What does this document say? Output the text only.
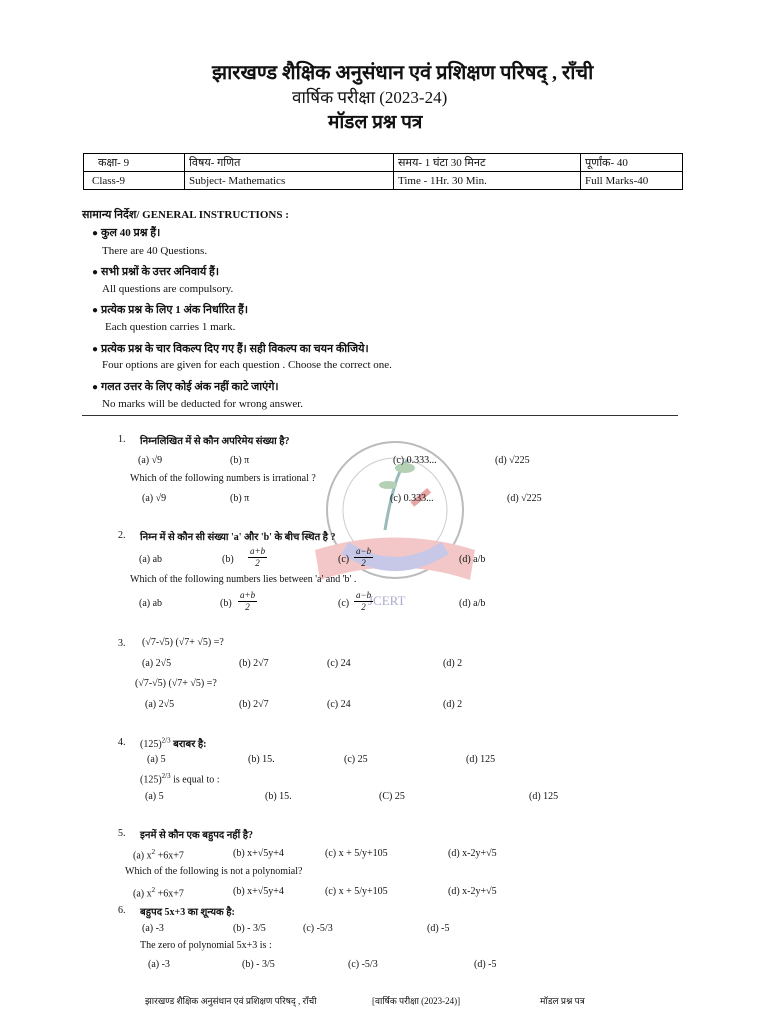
झारखण्ड शैक्षिक अनुसंधान एवं प्रशिक्षण परिषद् , राँची
वार्षिक परीक्षा (2023-24)
मॉडल प्रश्न पत्र
कक्षा- 9	विषय- गणित	समय- 1 घंटा 30 मिनट	पूर्णांक- 40
Class-9	Subject- Mathematics	Time - 1Hr. 30 Min.	Full Marks-40
सामान्य निर्देश/ GENERAL INSTRUCTIONS :
● कुल 40 प्रश्न हैं।
There are 40 Questions.
● सभी प्रश्नों के उत्तर अनिवार्य हैं।
All questions are compulsory.
● प्रत्येक प्रश्न के लिए 1 अंक निर्धारित हैं।
Each question carries 1 mark.
● प्रत्येक प्रश्न के चार विकल्प दिए गए हैं। सही विकल्प का चयन कीजिये।
Four options are given for each question . Choose the correct one.
● गलत उत्तर के लिए कोई अंक नहीं काटे जाएंगे।
No marks will be deducted for wrong answer.
JCERT
1. निम्नलिखित में से कौन अपरिमेय संख्या है?
(a) √9	(b) π	(c) 0.333...	(d) √225
Which of the following numbers is irrational ?
(a) √9	(b) π	(c) 0.333...	(d) √225
2. निम्न में से कौन सी संख्या 'a' और 'b' के बीच स्थित है ?
(a) ab	$(b) \frac{a+b}{2}$	$(c) \frac{a-b}{2}$	(d) a/b
Which of the following numbers lies between 'a' and 'b' .
(a) ab	$(b) \frac{a+b}{2}$	$(c) \frac{a-b}{2}$	(d) a/b
3. (√7-√5) (√7+ √5) =?
(a) 2√5	(b) 2√7	(c) 24	(d) 2
(√7-√5) (√7+ √5) =?
(a) 2√5	(b) 2√7	(c) 24	(d) 2
4. $(125)^{2/3}$ बराबर है:
(a) 5	(b) 15.	(c) 25	(d) 125
$(125)^{2/3}$ is equal to :
(a) 5	(b) 15.	(C) 25	(d) 125
5. इनमें से कौन एक बहुपद नहीं है?
(a) $x^2 +6x+7$	(b) x+√5y+4	(c) x + 5/y+105	(d) x-2y+√5
Which of the following is not a polynomial?
(a) $x^2 +6x+7$	(b) x+√5y+4	(c) x + 5/y+105	(d) x-2y+√5
6. बहुपद 5x+3 का शून्यक है:
(a) -3	(b) - 3/5	(c) -5/3	(d) -5
The zero of polynomial 5x+3 is :
(a) -3	(b) - 3/5	(c) -5/3	(d) -5
झारखण्ड शैक्षिक अनुसंधान एवं प्रशिक्षण परिषद् , राँची	[वार्षिक परीक्षा (2023-24)]	मॉडल प्रश्न पत्र
